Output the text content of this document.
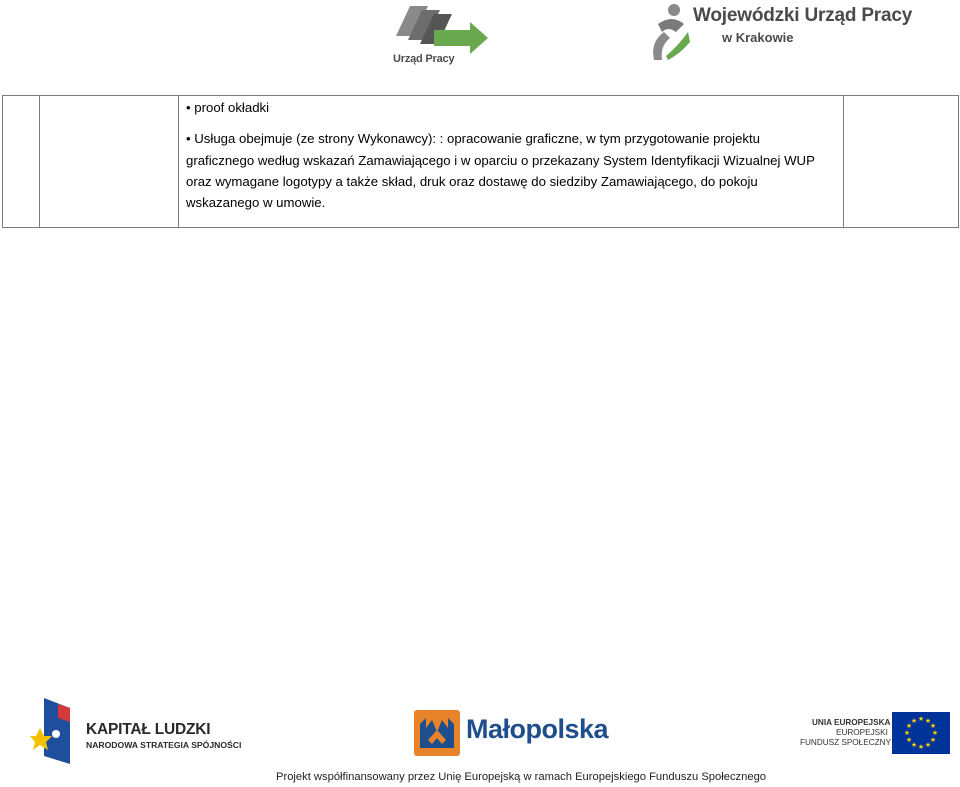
Urząd Pracy
Wojewódzki Urząd Pracy
w Krakowie

• proof okładki
• Usługa obejmuje (ze strony Wykonawcy): : opracowanie graficzne, w tym przygotowanie projektu
graficznego według wskazań Zamawiającego i w oparciu o przekazany System Identyfikacji Wizualnej WUP
oraz wymagane logotypy a także skład, druk oraz dostawę do siedziby Zamawiającego, do pokoju
wskazanego w umowie.

KAPITAŁ LUDZKI
NARODOWA STRATEGIA SPÓJNOŚCI
Małopolska	UNIA EUROPEJSKA
EUROPEJSKI
FUNDUSZ SPOŁECZNY
★ ★
★
★
★
★
★
★
★
★
★
★
Projekt współfinansowany przez Unię Europejską w ramach Europejskiego Funduszu Społecznego
